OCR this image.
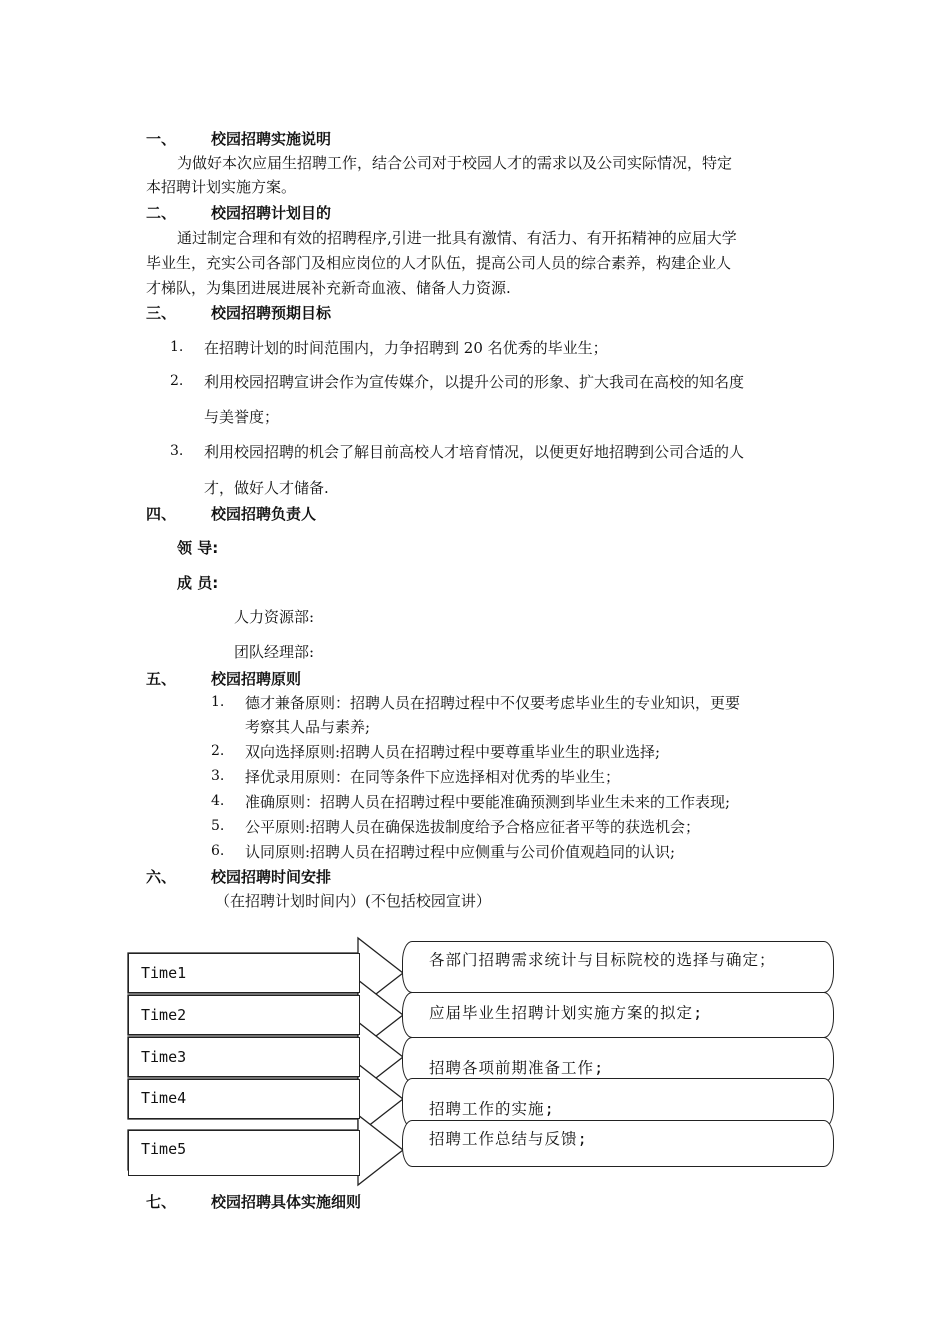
一、 校园招聘实施说明
为做好本次应届生招聘工作，结合公司对于校园人才的需求以及公司实际情况，特定
本招聘计划实施方案。
二、 校园招聘计划目的
通过制定合理和有效的招聘程序,引进一批具有激情、有活力、有开拓精神的应届大学
毕业生，充实公司各部门及相应岗位的人才队伍，提高公司人员的综合素养，构建企业人
才梯队，为集团进展进展补充新奇血液、储备人力资源.
三、 校园招聘预期目标
1. 在招聘计划的时间范围内，力争招聘到 20 名优秀的毕业生；
2. 利用校园招聘宣讲会作为宣传媒介，以提升公司的形象、扩大我司在高校的知名度
与美誉度；
3. 利用校园招聘的机会了解目前高校人才培育情况，以便更好地招聘到公司合适的人
才，做好人才储备.
四、 校园招聘负责人
领 导:
成 员:
人力资源部:
团队经理部:
五、 校园招聘原则
1. 德才兼备原则：招聘人员在招聘过程中不仅要考虑毕业生的专业知识，更要
考察其人品与素养;
2. 双向选择原则:招聘人员在招聘过程中要尊重毕业生的职业选择;
3. 择优录用原则：在同等条件下应选择相对优秀的毕业生；
4. 准确原则：招聘人员在招聘过程中要能准确预测到毕业生未来的工作表现;
5. 公平原则:招聘人员在确保选拔制度给予合格应征者平等的获选机会；
6. 认同原则:招聘人员在招聘过程中应侧重与公司价值观趋同的认识;
六、 校园招聘时间安排
（在招聘计划时间内）(不包括校园宣讲）
Time1
Time2
Time3
Time4
Time5
各部门招聘需求统计与目标院校的选择与确定；
应届毕业生招聘计划实施方案的拟定;
招聘各项前期准备工作;
招聘工作的实施;
招聘工作总结与反馈;
七、 校园招聘具体实施细则
